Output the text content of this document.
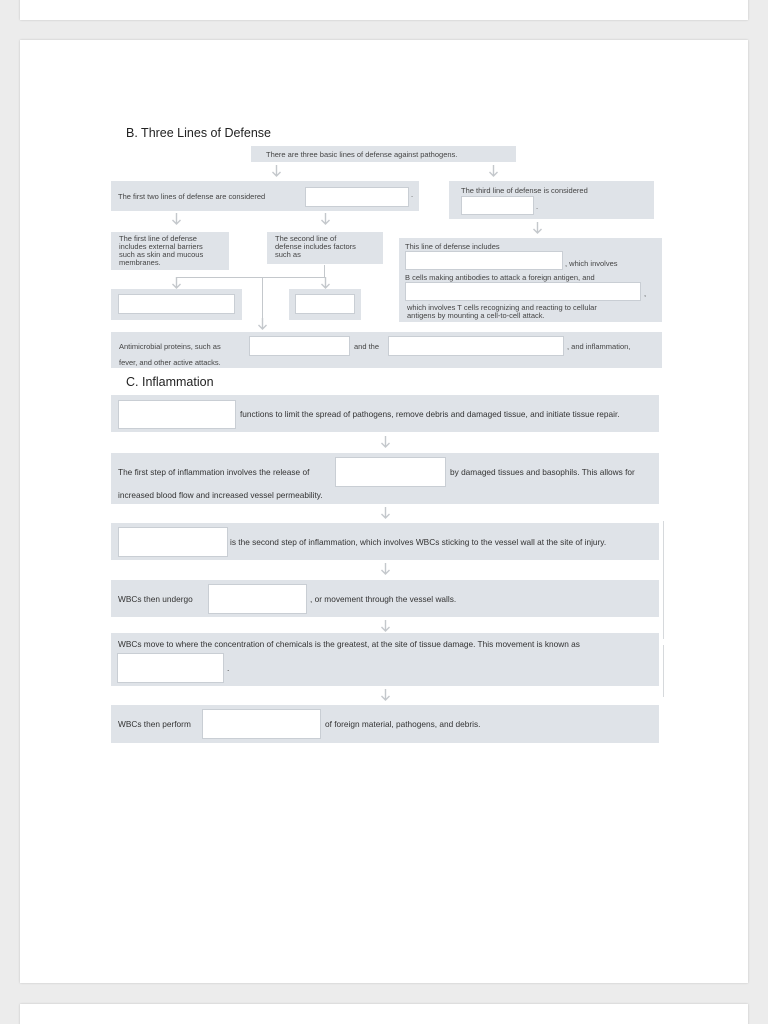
B. Three Lines of Defense
There are three basic lines of defense against pathogens.
The first two lines of defense are considered	.	The third line of defense is considered
.
The first line of defense
includes external barriers
such as skin and mucous
membranes.
The second line of
defense includes factors
such as
This line of defense includes
, which involves
B cells making antibodies to attack a foreign antigen, and
,
which involves T cells recognizing and reacting to cellular
antigens by mounting a cell-to-cell attack.
Antimicrobial proteins, such as	and the	, and inflammation,
fever, and other active attacks.
C. Inflammation
functions to limit the spread of pathogens, remove debris and damaged tissue, and initiate tissue repair.
The first step of inflammation involves the release of	by damaged tissues and basophils. This allows for
increased blood flow and increased vessel permeability.
is the second step of inflammation, which involves WBCs sticking to the vessel wall at the site of injury.
WBCs then undergo	, or movement through the vessel walls.
WBCs move to where the concentration of chemicals is the greatest, at the site of tissue damage. This movement is known as
.
WBCs then perform	of foreign material, pathogens, and debris.
